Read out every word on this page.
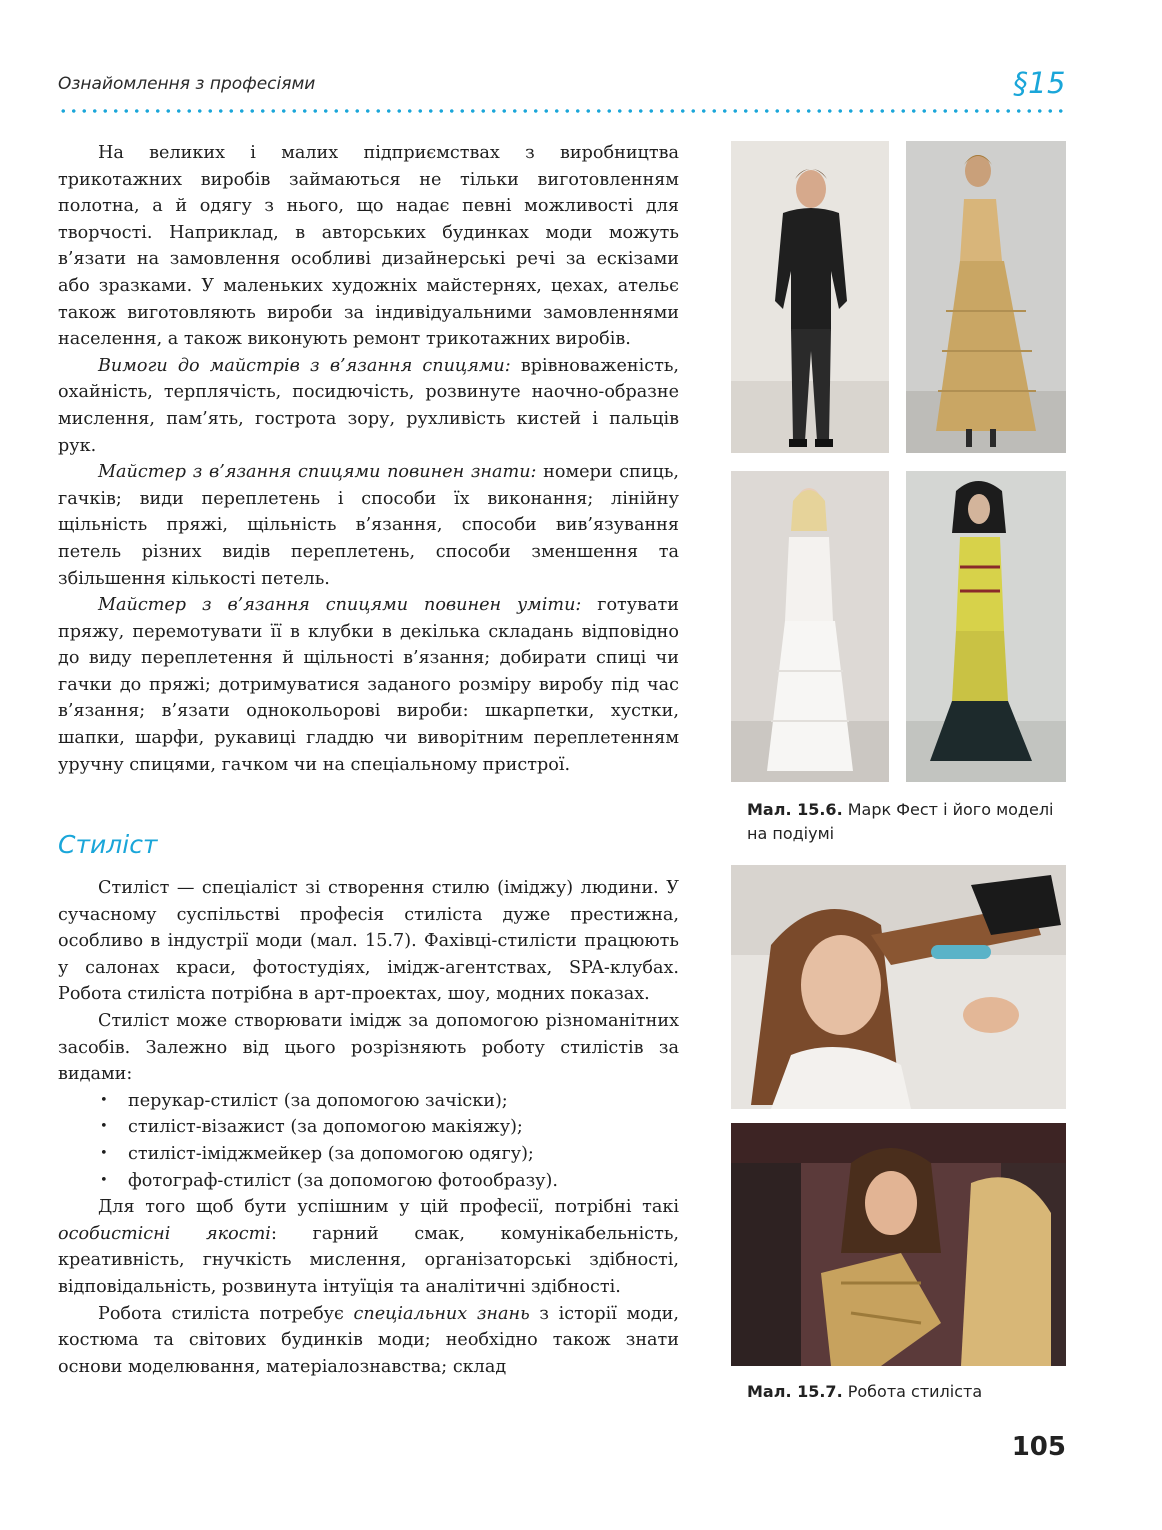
Ознайомлення з професіями	§15

На великих і малих підприємствах з виробництва трикотажних виробів займаються не тільки виготовленням полотна, а й одягу з нього, що надає певні можливості для творчості. Наприклад, в авторських будинках моди можуть в’язати на замовлення особливі дизайнерські речі за ескізами або зразками. У маленьких художніх майстернях, цехах, ательє також виготовляють вироби за індивідуальними замовленнями населення, а також виконують ремонт трикотажних виробів.

Вимоги до майстрів з в’язання спицями: врівноваженість, охайність, терплячість, посидючість, розвинуте наочно-образне мислення, пам’ять, гострота зору, рухливість кистей і пальців рук.

Майстер з в’язання спицями повинен знати: номери спиць, гачків; види переплетень і способи їх виконання; лінійну щільність пряжі, щільність в’язання, способи вив’язування петель різних видів переплетень, способи зменшення та збільшення кількості петель.

Майстер з в’язання спицями повинен уміти: готувати пряжу, перемотувати її в клубки в декілька складань відповідно до виду переплетення й щільності в’язання; добирати спиці чи гачки до пряжі; дотримуватися заданого розміру виробу під час в’язання; в’язати однокольорові вироби: шкарпетки, хустки, шапки, шарфи, рукавиці гладдю чи виворітним переплетенням уручну спицями, гачком чи на спеціальному пристрої.

Стиліст

Стиліст — спеціаліст зі створення стилю (іміджу) людини. У сучасному суспільстві професія стиліста дуже престижна, особливо в індустрії моди (мал. 15.7). Фахівці-стилісти працюють у салонах краси, фотостудіях, імідж-агентствах, SPA-клубах. Робота стиліста потрібна в арт-проектах, шоу, модних показах.

Стиліст може створювати імідж за допомогою різноманітних засобів. Залежно від цього розрізняють роботу стилістів за видами:

• перукар-стиліст (за допомогою зачіски);
• стиліст-візажист (за допомогою макіяжу);
• стиліст-іміджмейкер (за допомогою одягу);
• фотограф-стиліст (за допомогою фотообразу).

Для того щоб бути успішним у цій професії, потрібні такі особистісні якості: гарний смак, комунікабельність, креативність, гнучкість мислення, організаторські здібності, відповідальність, розвинута інтуїція та аналітичні здібності.

Робота стиліста потребує спеціальних знань з історії моди, костюма та світових будинків моди; необхідно також знати основи моделювання, матеріалознавства; склад

Мал. 15.6. Марк Фест і його моделі на подіумі
Мал. 15.7. Робота стиліста
105
